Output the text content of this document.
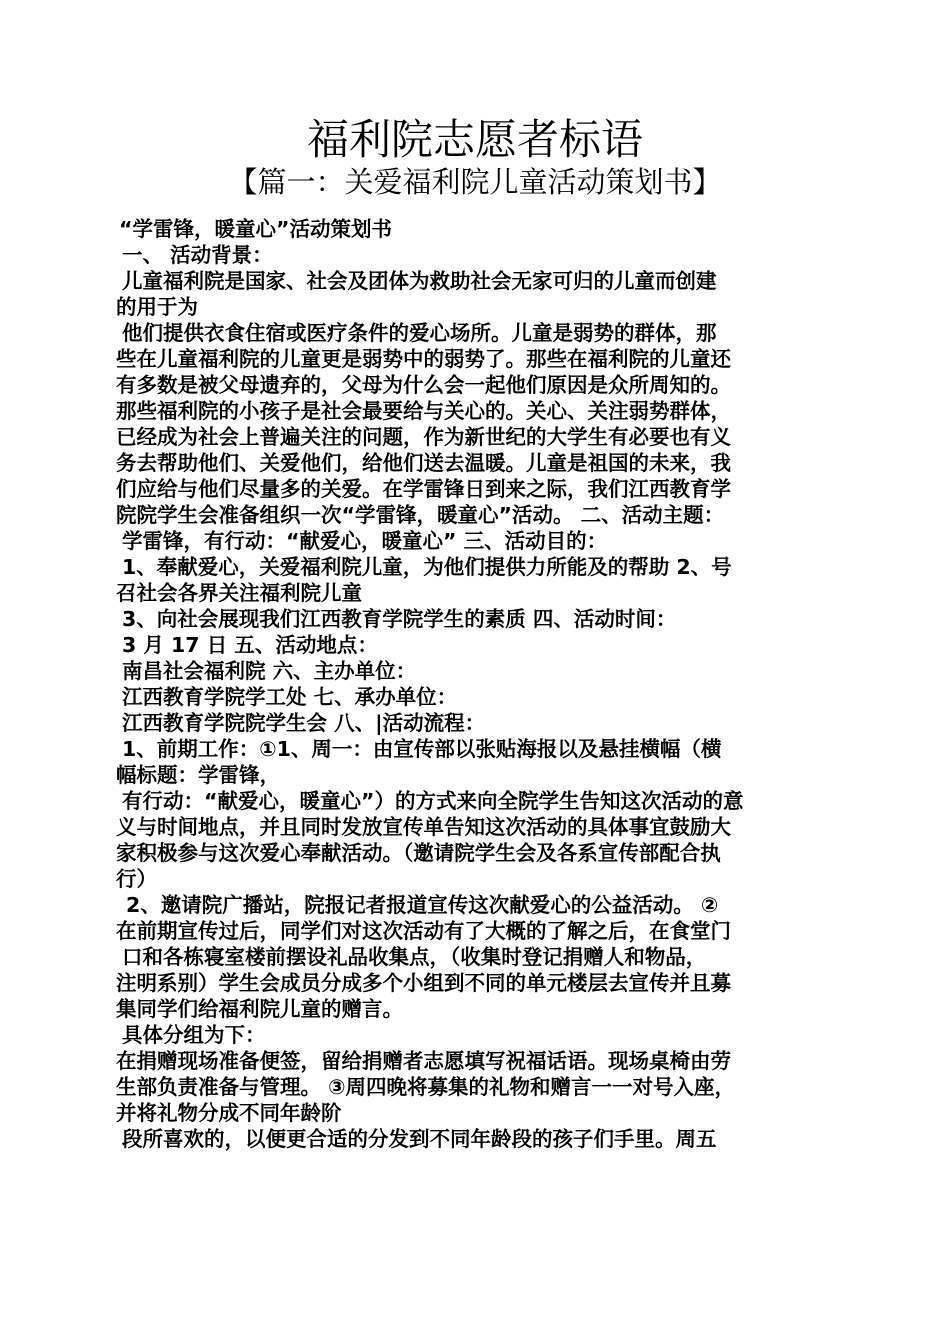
福利院志愿者标语
【篇一：关爱福利院儿童活动策划书】
“学雷锋，暖童心”活动策划书
一、 活动背景：
儿童福利院是国家、社会及团体为救助社会无家可归的儿童而创建
的用于为
他们提供衣食住宿或医疗条件的爱心场所。儿童是弱势的群体，那
些在儿童福利院的儿童更是弱势中的弱势了。那些在福利院的儿童还
有多数是被父母遗弃的，父母为什么会一起他们原因是众所周知的。
那些福利院的小孩子是社会最要给与关心的。关心、关注弱势群体，
已经成为社会上普遍关注的问题，作为新世纪的大学生有必要也有义
务去帮助他们、关爱他们，给他们送去温暖。儿童是祖国的未来，我
们应给与他们尽量多的关爱。在学雷锋日到来之际，我们江西教育学
院院学生会准备组织一次“学雷锋，暖童心”活动。 二、活动主题：
学雷锋，有行动：“献爱心，暖童心” 三、活动目的：
1、奉献爱心，关爱福利院儿童，为他们提供力所能及的帮助 2、号
召社会各界关注福利院儿童
3、向社会展现我们江西教育学院学生的素质 四、活动时间：
3 月 17 日 五、活动地点：
南昌社会福利院 六、主办单位：
江西教育学院学工处 七、承办单位：
江西教育学院院学生会 八、|活动流程：
1、前期工作：①1、周一：由宣传部以张贴海报以及悬挂横幅（横
幅标题：学雷锋，
有行动：“献爱心，暖童心”）的方式来向全院学生告知这次活动的意
义与时间地点，并且同时发放宣传单告知这次活动的具体事宜鼓励大
家积极参与这次爱心奉献活动。（邀请院学生会及各系宣传部配合执
行）
2、邀请院广播站，院报记者报道宣传这次献爱心的公益活动。 ②
在前期宣传过后，同学们对这次活动有了大概的了解之后，在食堂门
口和各栋寝室楼前摆设礼品收集点，（收集时登记捐赠人和物品，
注明系别）学生会成员分成多个小组到不同的单元楼层去宣传并且募
集同学们给福利院儿童的赠言。
具体分组为下：
在捐赠现场准备便签，留给捐赠者志愿填写祝福话语。现场桌椅由劳
生部负责准备与管理。 ③周四晚将募集的礼物和赠言一一对号入座，
并将礼物分成不同年龄阶
段所喜欢的，以便更合适的分发到不同年龄段的孩子们手里。周五
